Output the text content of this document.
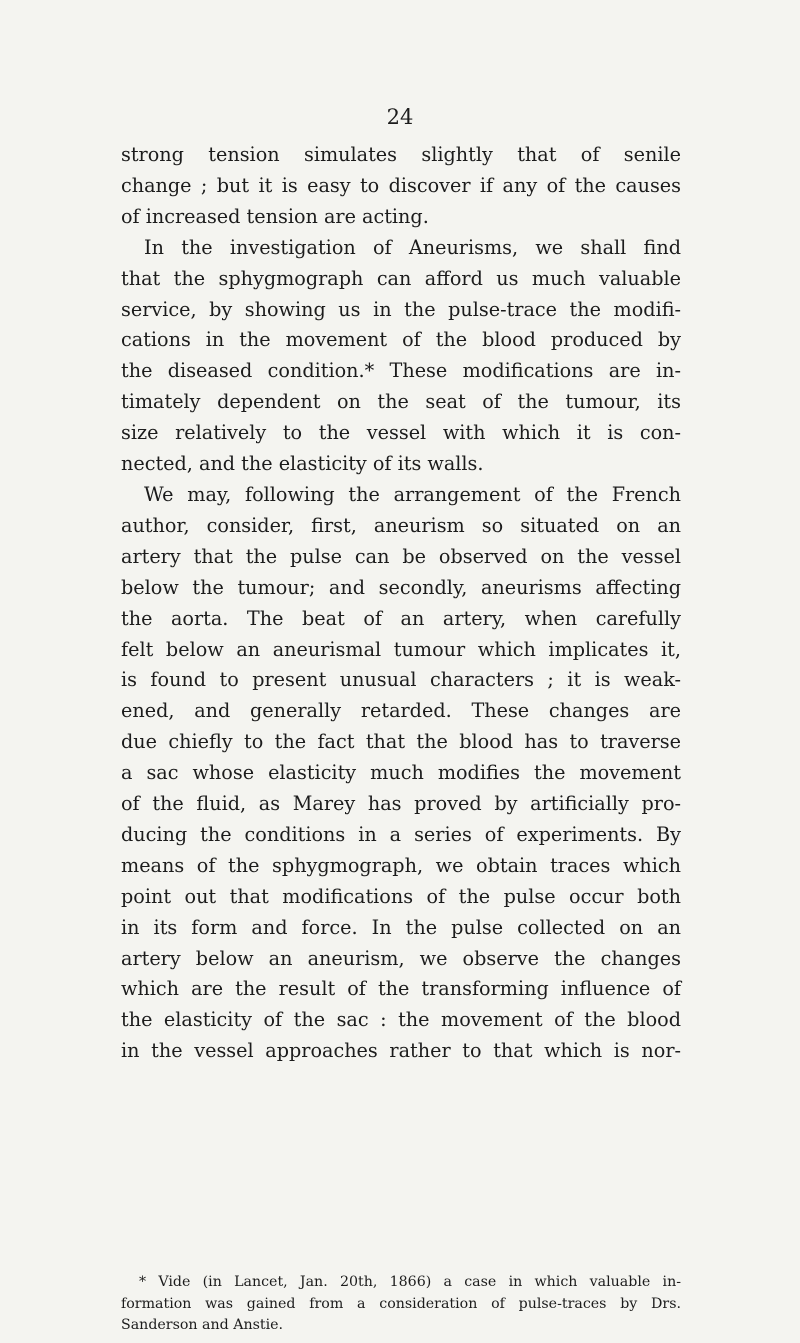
24
strong tension simulates slightly that of senile
change ; but it is easy to discover if any of the causes
of increased tension are acting.
In the investigation of Aneurisms, we shall find
that the sphygmograph can afford us much valuable
service, by showing us in the pulse-trace the modifi-
cations in the movement of the blood produced by
the diseased condition.* These modifications are in-
timately dependent on the seat of the tumour, its
size relatively to the vessel with which it is con-
nected, and the elasticity of its walls.
We may, following the arrangement of the French
author, consider, first, aneurism so situated on an
artery that the pulse can be observed on the vessel
below the tumour; and secondly, aneurisms affecting
the aorta. The beat of an artery, when carefully
felt below an aneurismal tumour which implicates it,
is found to present unusual characters ; it is weak-
ened, and generally retarded. These changes are
due chiefly to the fact that the blood has to traverse
a sac whose elasticity much modifies the movement
of the fluid, as Marey has proved by artificially pro-
ducing the conditions in a series of experiments. By
means of the sphygmograph, we obtain traces which
point out that modifications of the pulse occur both
in its form and force. In the pulse collected on an
artery below an aneurism, we observe the changes
which are the result of the transforming influence of
the elasticity of the sac : the movement of the blood
in the vessel approaches rather to that which is nor-
* Vide (in Lancet, Jan. 20th, 1866) a case in which valuable in-
formation was gained from a consideration of pulse-traces by Drs.
Sanderson and Anstie.
